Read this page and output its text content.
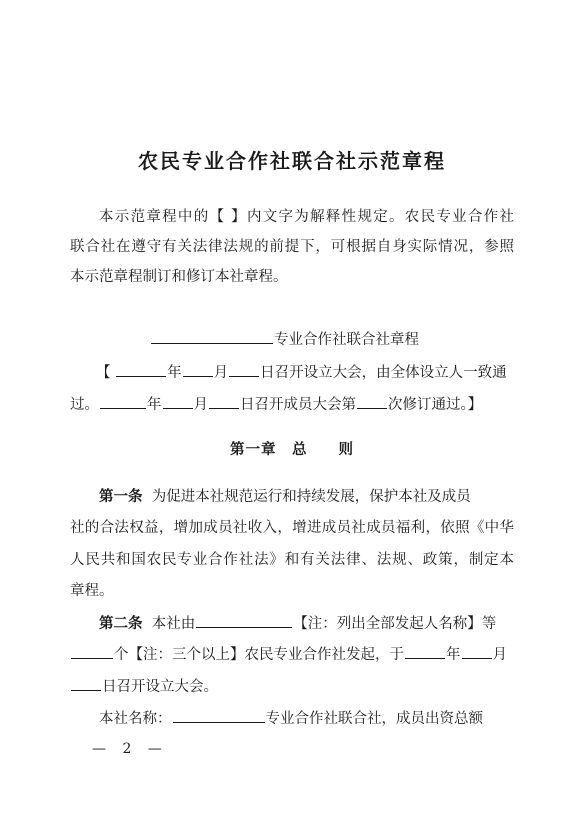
农民专业合作社联合社示范章程

本示范章程中的【 】内文字为解释性规定。农民专业合作社

联合社在遵守有关法律法规的前提下，可根据自身实际情况，参照

本示范章程制订和修订本社章程。

专业合作社联合社章程

【	年 月 日召开设立大会，由全体设立人一致通

过。	年 月 日召开成员大会第 次修订通过。】

第一章　总　　则

第一条 为促进本社规范运行和持续发展，保护本社及成员

社的合法权益，增加成员社收入，增进成员社成员福利，依照《中华

人民共和国农民专业合作社法》和有关法律、法规、政策，制定本

章程。

第二条 本社由	【注：列出全部发起人名称】等

个【注：三个以上】农民专业合作社发起，于	年 月

日召开设立大会。

本社名称：	专业合作社联合社，成员出资总额

— 2 —
